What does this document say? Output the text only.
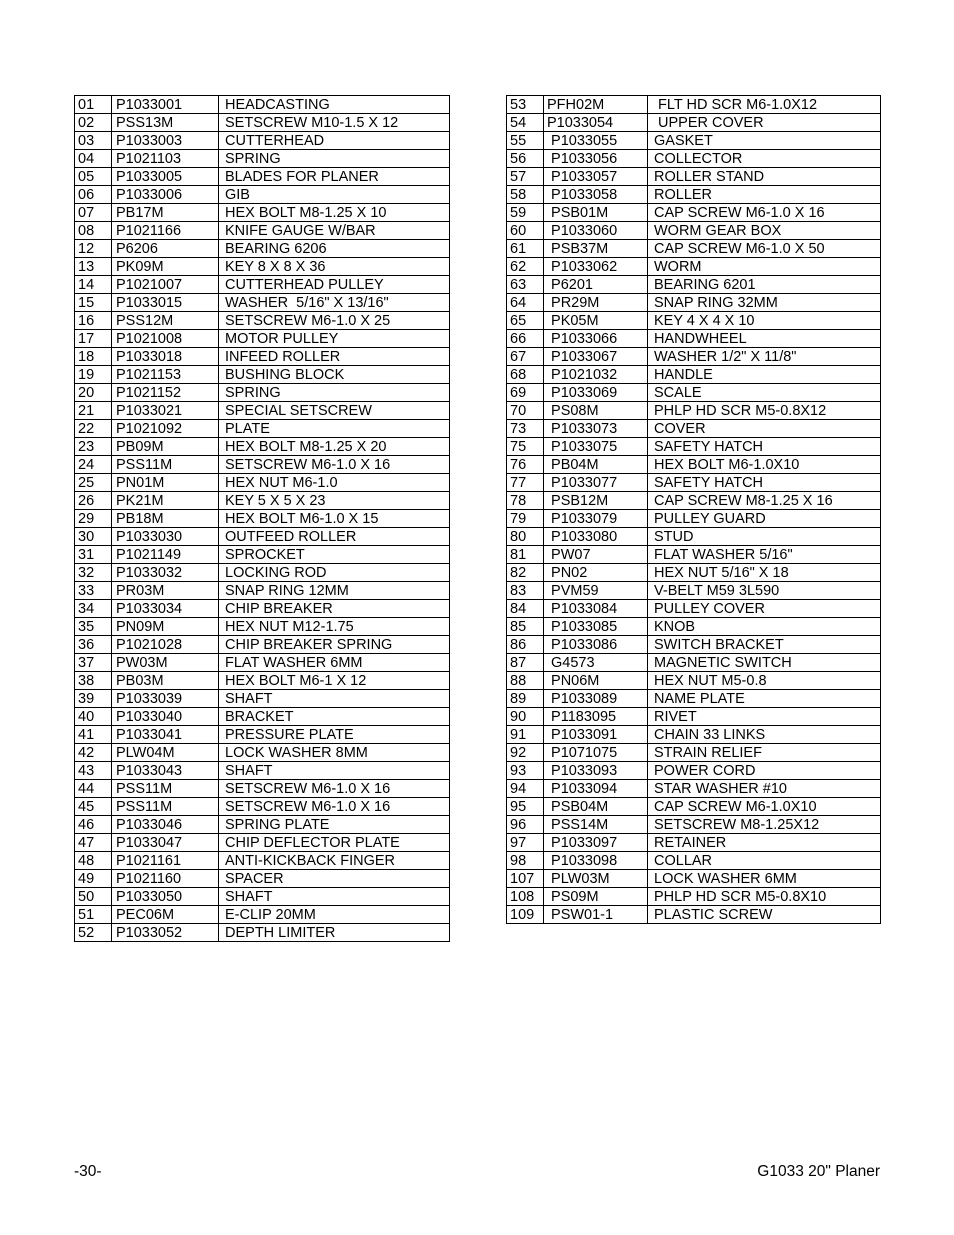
01	P1033001	HEADCASTING
02	PSS13M	SETSCREW M10-1.5 X 12
03	P1033003	CUTTERHEAD
04	P1021103	SPRING
05	P1033005	BLADES FOR PLANER
06	P1033006	GIB
07	PB17M	HEX BOLT M8-1.25 X 10
08	P1021166	KNIFE GAUGE W/BAR
12	P6206	BEARING 6206
13	PK09M	KEY 8 X 8 X 36
14	P1021007	CUTTERHEAD PULLEY
15	P1033015	WASHER  5/16" X 13/16"
16	PSS12M	SETSCREW M6-1.0 X 25
17	P1021008	MOTOR PULLEY
18	P1033018	INFEED ROLLER
19	P1021153	BUSHING BLOCK
20	P1021152	SPRING
21	P1033021	SPECIAL SETSCREW
22	P1021092	PLATE
23	PB09M	HEX BOLT M8-1.25 X 20
24	PSS11M	SETSCREW M6-1.0 X 16
25	PN01M	HEX NUT M6-1.0
26	PK21M	KEY 5 X 5 X 23
29	PB18M	HEX BOLT M6-1.0 X 15
30	P1033030	OUTFEED ROLLER
31	P1021149	SPROCKET
32	P1033032	LOCKING ROD
33	PR03M	SNAP RING 12MM
34	P1033034	CHIP BREAKER
35	PN09M	HEX NUT M12-1.75
36	P1021028	CHIP BREAKER SPRING
37	PW03M	FLAT WASHER 6MM
38	PB03M	HEX BOLT M6-1 X 12
39	P1033039	SHAFT
40	P1033040	BRACKET
41	P1033041	PRESSURE PLATE
42	PLW04M	LOCK WASHER 8MM
43	P1033043	SHAFT
44	PSS11M	SETSCREW M6-1.0 X 16
45	PSS11M	SETSCREW M6-1.0 X 16
46	P1033046	SPRING PLATE
47	P1033047	CHIP DEFLECTOR PLATE
48	P1021161	ANTI-KICKBACK FINGER
49	P1021160	SPACER
50	P1033050	SHAFT
51	PEC06M	E-CLIP 20MM
52	P1033052	DEPTH LIMITER
53	PFH02M	FLT HD SCR M6-1.0X12
54	P1033054	UPPER COVER
55	P1033055	GASKET
56	P1033056	COLLECTOR
57	P1033057	ROLLER STAND
58	P1033058	ROLLER
59	PSB01M	CAP SCREW M6-1.0 X 16
60	P1033060	WORM GEAR BOX
61	PSB37M	CAP SCREW M6-1.0 X 50
62	P1033062	WORM
63	P6201	BEARING 6201
64	PR29M	SNAP RING 32MM
65	PK05M	KEY 4 X 4 X 10
66	P1033066	HANDWHEEL
67	P1033067	WASHER 1/2" X 11/8"
68	P1021032	HANDLE
69	P1033069	SCALE
70	PS08M	PHLP HD SCR M5-0.8X12
73	P1033073	COVER
75	P1033075	SAFETY HATCH
76	PB04M	HEX BOLT M6-1.0X10
77	P1033077	SAFETY HATCH
78	PSB12M	CAP SCREW M8-1.25 X 16
79	P1033079	PULLEY GUARD
80	P1033080	STUD
81	PW07	FLAT WASHER 5/16"
82	PN02	HEX NUT 5/16" X 18
83	PVM59	V-BELT M59 3L590
84	P1033084	PULLEY COVER
85	P1033085	KNOB
86	P1033086	SWITCH BRACKET
87	G4573	MAGNETIC SWITCH
88	PN06M	HEX NUT M5-0.8
89	P1033089	NAME PLATE
90	P1183095	RIVET
91	P1033091	CHAIN 33 LINKS
92	P1071075	STRAIN RELIEF
93	P1033093	POWER CORD
94	P1033094	STAR WASHER #10
95	PSB04M	CAP SCREW M6-1.0X10
96	PSS14M	SETSCREW M8-1.25X12
97	P1033097	RETAINER
98	P1033098	COLLAR
107	PLW03M	LOCK WASHER 6MM
108	PS09M	PHLP HD SCR M5-0.8X10
109	PSW01-1	PLASTIC SCREW
-30-	G1033 20" Planer
